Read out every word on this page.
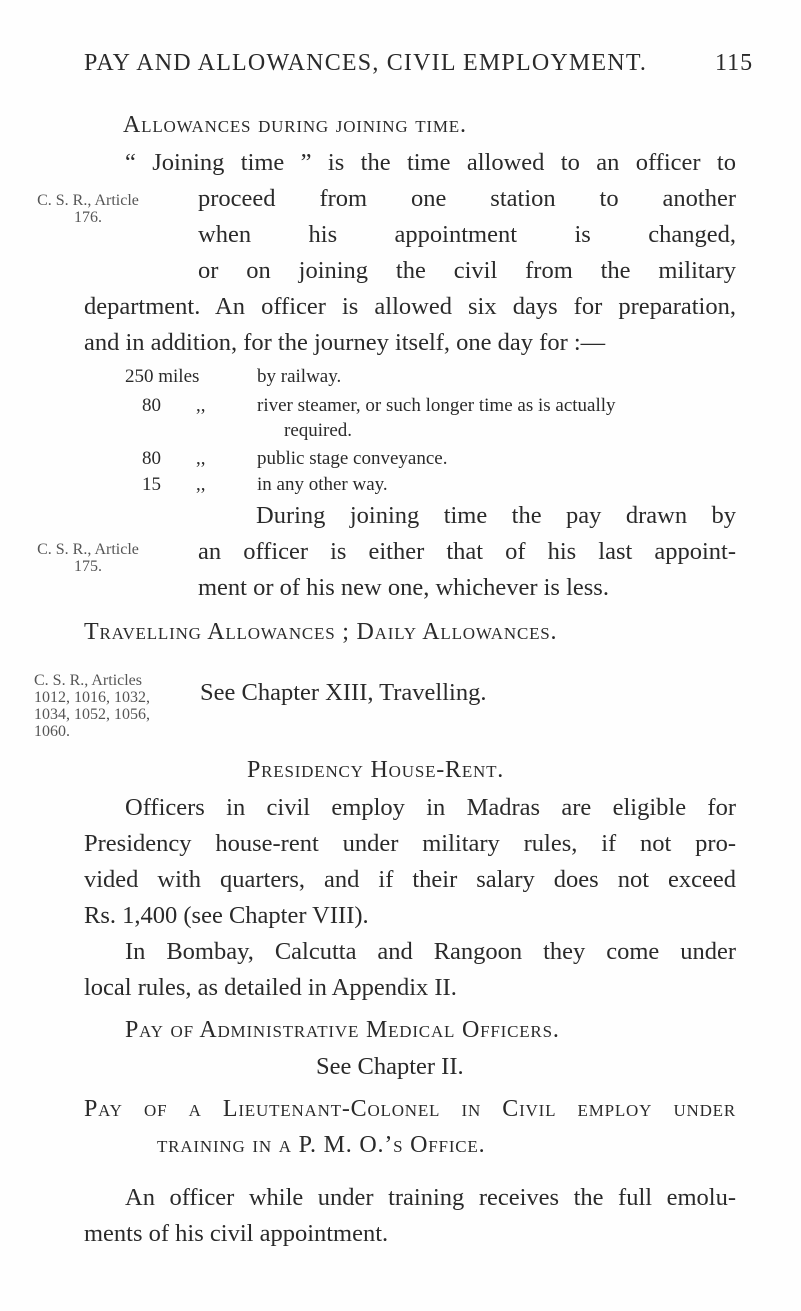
PAY AND ALLOWANCES, CIVIL EMPLOYMENT.	115
Allowances during joining time.
C. S. R., Article
176.
“ Joining time ” is the time allowed to an officer to
proceed from one station to another
when his appointment is changed,
or on joining the civil from the military
department. An officer is allowed six days for preparation,
and in addition, for the journey itself, one day for :—
250 miles	by railway.
80 ,,	river steamer, or such longer time as is actually
required.
80 ,,	public stage conveyance.
15 ,,	in any other way.
C. S. R., Article
175.
During joining time the pay drawn by
an officer is either that of his last appoint-
ment or of his new one, whichever is less.
Travelling Allowances ; Daily Allowances.
C. S. R., Articles
1012, 1016, 1032,
1034, 1052, 1056,
1060.
See Chapter XIII, Travelling.
Presidency House-Rent.
Officers in civil employ in Madras are eligible for
Presidency house-rent under military rules, if not pro-
vided with quarters, and if their salary does not exceed
Rs. 1,400 (see Chapter VIII).
In Bombay, Calcutta and Rangoon they come under
local rules, as detailed in Appendix II.
Pay of Administrative Medical Officers.
See Chapter II.
Pay of a Lieutenant-Colonel in Civil employ under
training in a P. M. O.’s Office.
An officer while under training receives the full emolu-
ments of his civil appointment.
